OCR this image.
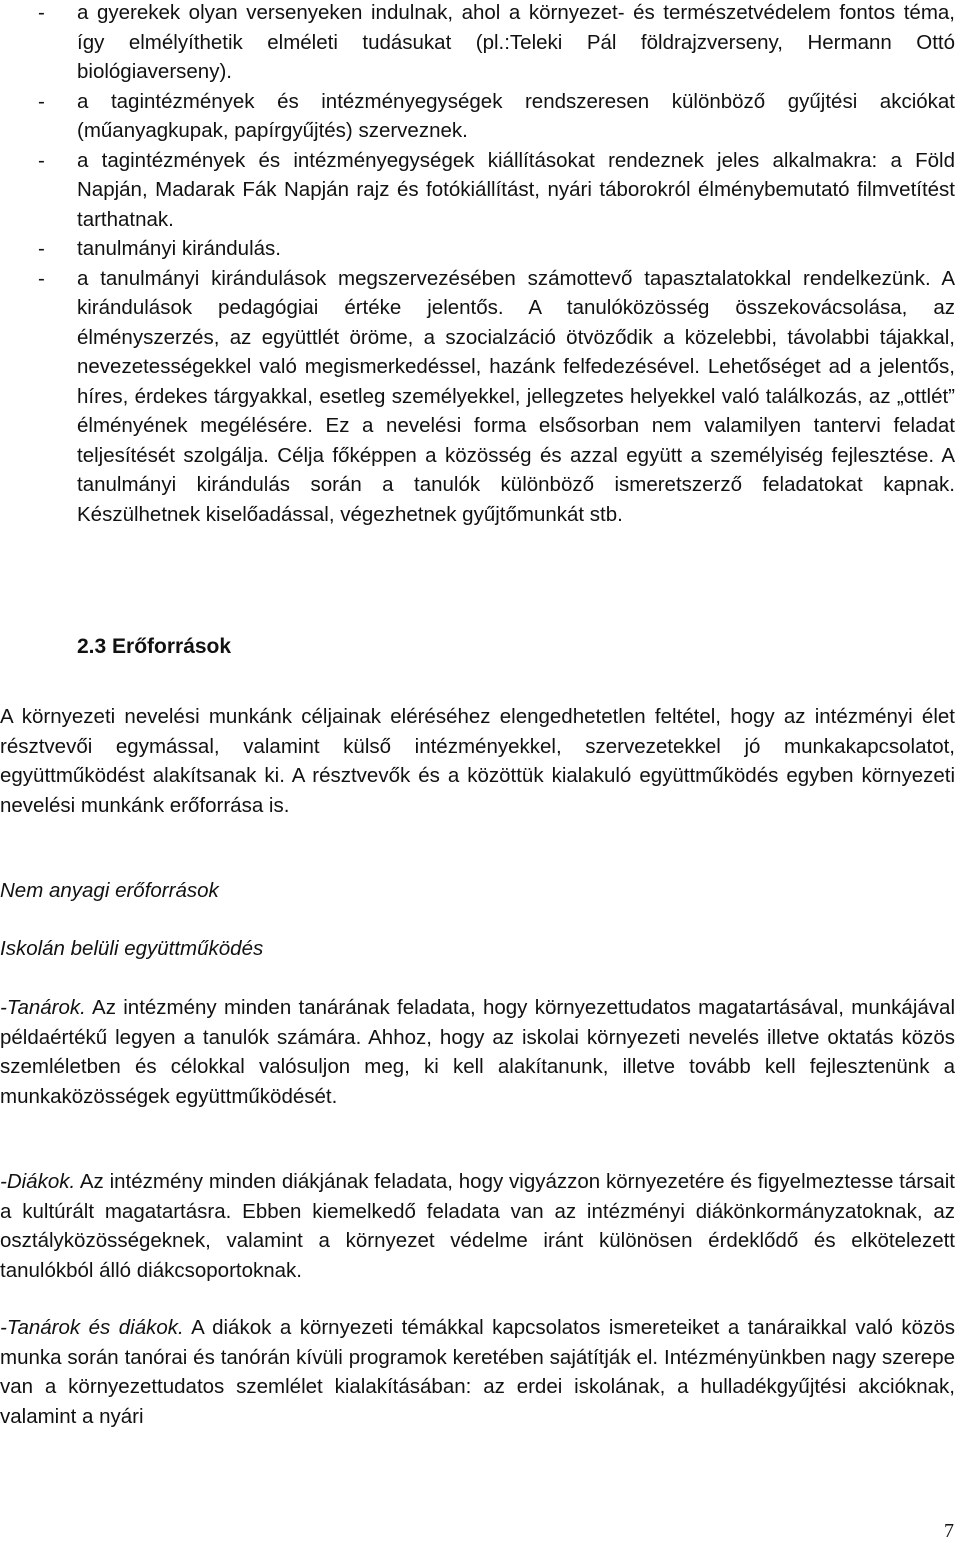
- a gyerekek olyan versenyeken indulnak, ahol a környezet- és természetvédelem fontos téma, így elmélyíthetik elméleti tudásukat (pl.:Teleki Pál földrajzverseny, Hermann Ottó biológiaverseny).
- a tagintézmények és intézményegységek rendszeresen különböző gyűjtési akciókat (műanyagkupak, papírgyűjtés) szerveznek.
- a tagintézmények és intézményegységek kiállításokat rendeznek jeles alkalmakra: a Föld Napján, Madarak Fák Napján rajz és fotókiállítást, nyári táborokról élménybemutató filmvetítést tarthatnak.
- tanulmányi kirándulás.
- a tanulmányi kirándulások megszervezésében számottevő tapasztalatokkal rendelkezünk. A kirándulások pedagógiai értéke jelentős. A tanulóközösség összekovácsolása, az élményszerzés, az együttlét öröme, a szocialzáció ötvöződik a közelebbi, távolabbi tájakkal, nevezetességekkel való megismerkedéssel, hazánk felfedezésével. Lehetőséget ad a jelentős, híres, érdekes tárgyakkal, esetleg személyekkel, jellegzetes helyekkel való találkozás, az „ottlét” élményének megélésére. Ez a nevelési forma elsősorban nem valamilyen tantervi feladat teljesítését szolgálja. Célja főképpen a közösség és azzal együtt a személyiség fejlesztése. A tanulmányi kirándulás során a tanulók különböző ismeretszerző feladatokat kapnak. Készülhetnek kiselőadással, végezhetnek gyűjtőmunkát stb.
2.3 Erőforrások

A környezeti nevelési munkánk céljainak eléréséhez elengedhetetlen feltétel, hogy az intézményi élet résztvevői egymással, valamint külső intézményekkel, szervezetekkel jó munkakapcsolatot, együttműködést alakítsanak ki. A résztvevők és a közöttük kialakuló együttműködés egyben környezeti nevelési munkánk erőforrása is.

Nem anyagi erőforrások

Iskolán belüli együttműködés

-Tanárok. Az intézmény minden tanárának feladata, hogy környezettudatos magatartásával, munkájával példaértékű legyen a tanulók számára. Ahhoz, hogy az iskolai környezeti nevelés illetve oktatás közös szemléletben és célokkal valósuljon meg, ki kell alakítanunk, illetve tovább kell fejlesztenünk a munkaközösségek együttműködését.

-Diákok. Az intézmény minden diákjának feladata, hogy vigyázzon környezetére és figyelmeztesse társait a kultúrált magatartásra. Ebben kiemelkedő feladata van az intézményi diákönkormányzatoknak, az osztályközösségeknek, valamint a környezet védelme iránt különösen érdeklődő és elkötelezett tanulókból álló diákcsoportoknak.

-Tanárok és diákok. A diákok a környezeti témákkal kapcsolatos ismereteiket a tanáraikkal való közös munka során tanórai és tanórán kívüli programok keretében sajátítják el. Intézményünkben nagy szerepe van a környezettudatos szemlélet kialakításában: az erdei iskolának, a hulladékgyűjtési akcióknak, valamint a nyári

7
